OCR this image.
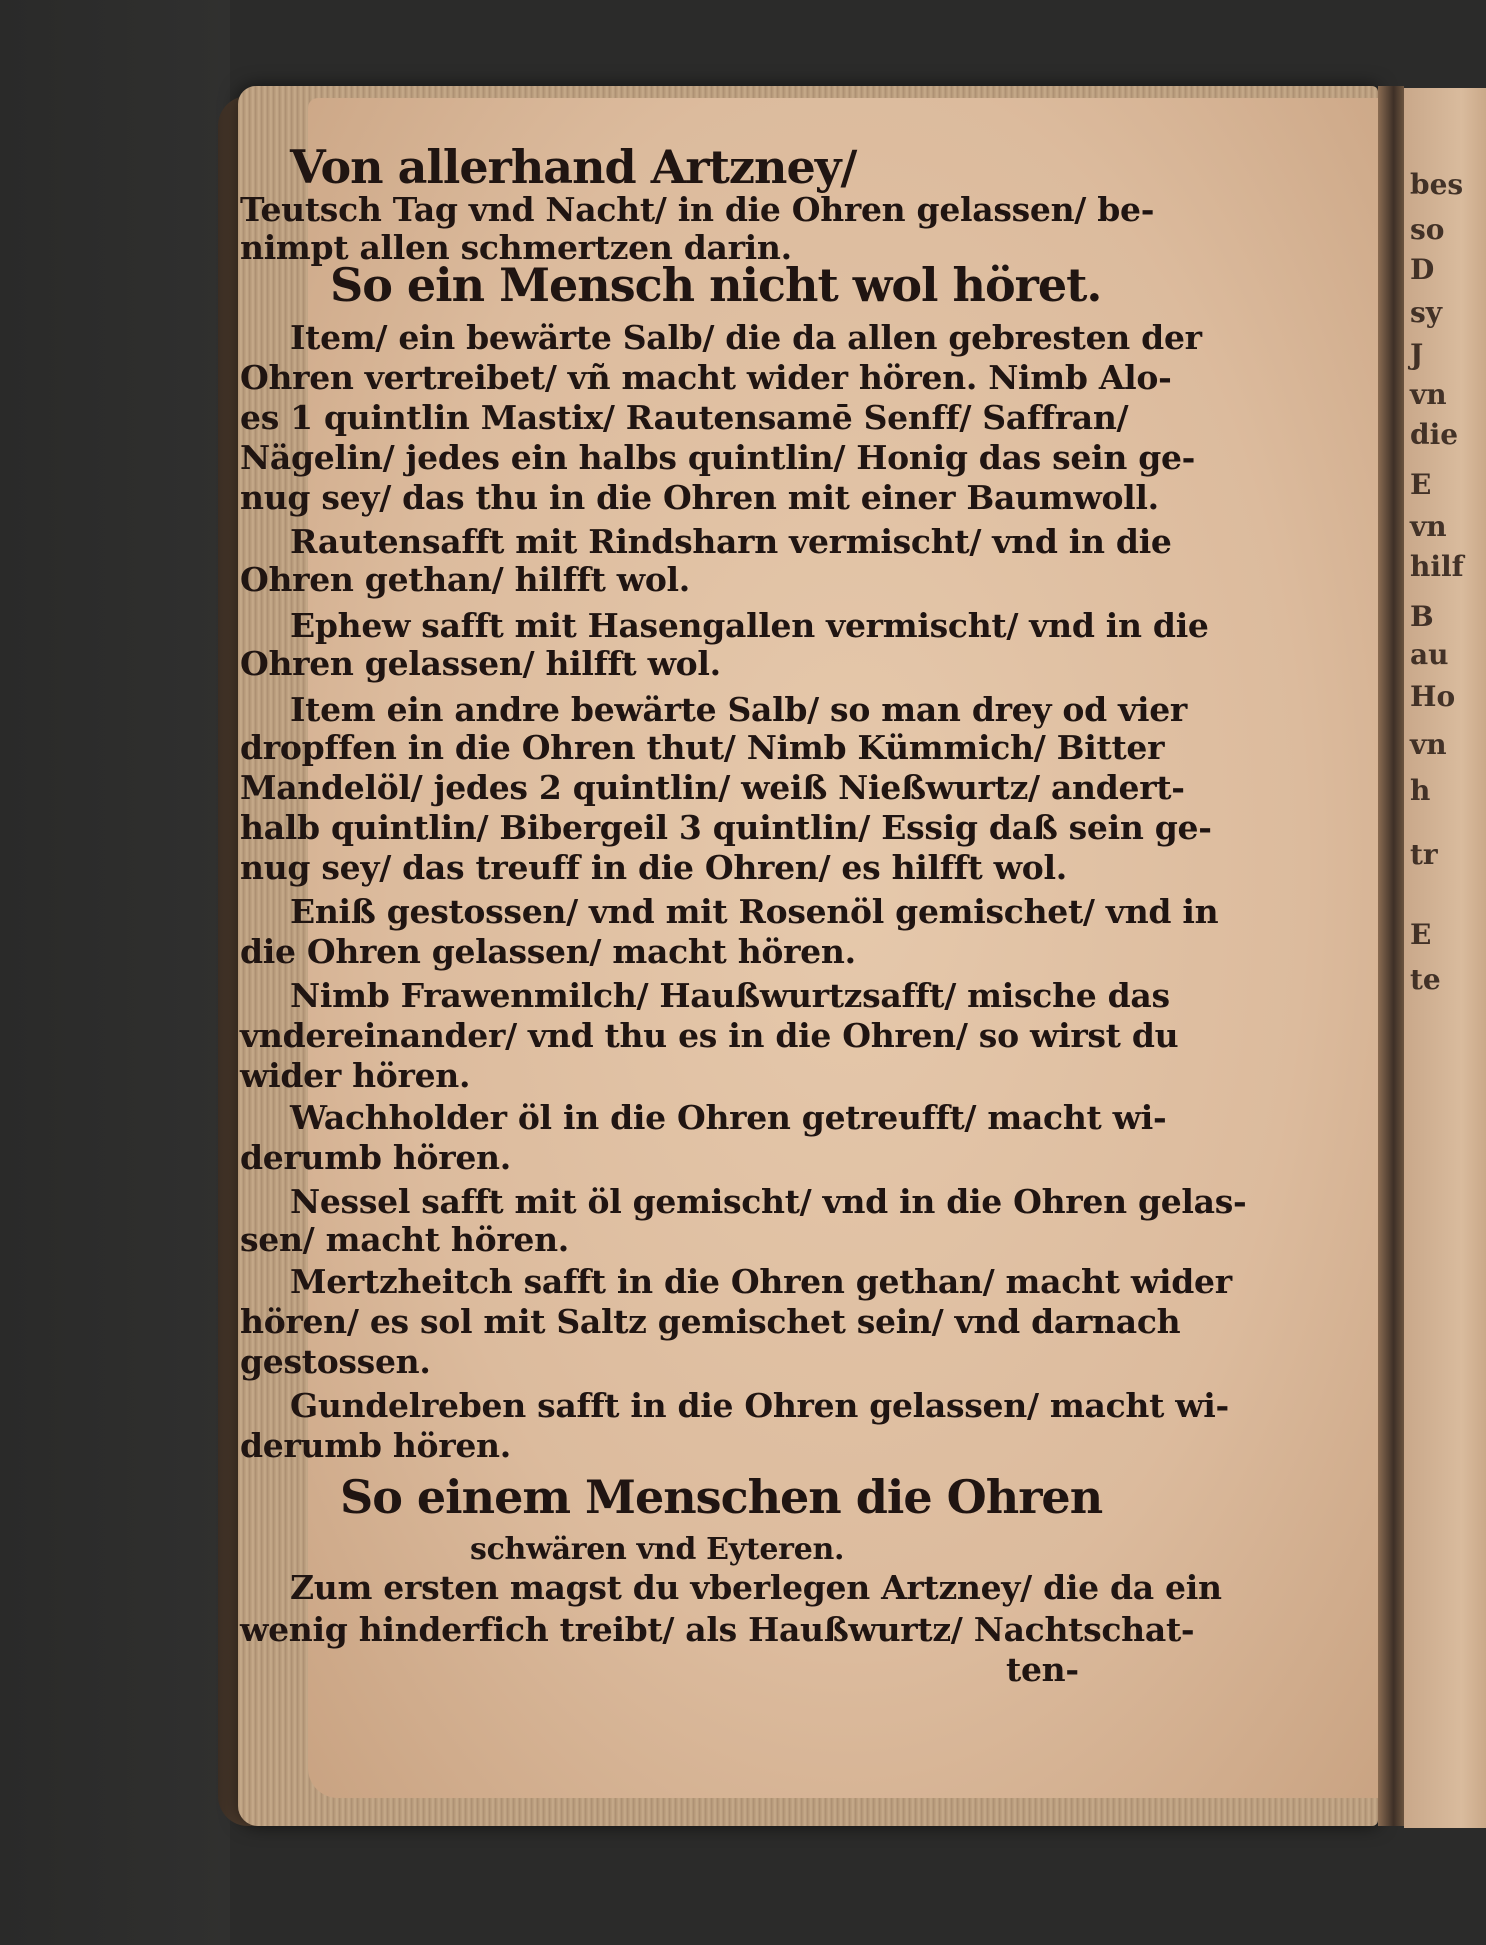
bes
so
D
sy
J
vn
die
E
vn
hilf
B
au
Ho
vn
h
tr
E
te
Von allerhand Artzney/
Teutsch Tag vnd Nacht/ in die Ohren gelassen/ be-
nimpt allen schmertzen darin.
So ein Mensch nicht wol höret.
Item/ ein bewärte Salb/ die da allen gebresten der
Ohren vertreibet/ vñ macht wider hören. Nimb Alo-
es 1 quintlin Mastix/ Rautensamē Senff/ Saffran/
Nägelin/ jedes ein halbs quintlin/ Honig das sein ge-
nug sey/ das thu in die Ohren mit einer Baumwoll.
Rautensafft mit Rindsharn vermischt/ vnd in die
Ohren gethan/ hilfft wol.
Ephew safft mit Hasengallen vermischt/ vnd in die
Ohren gelassen/ hilfft wol.
Item ein andre bewärte Salb/ so man drey od vier
dropffen in die Ohren thut/ Nimb Kümmich/ Bitter
Mandelöl/ jedes 2 quintlin/ weiß Nießwurtz/ andert-
halb quintlin/ Bibergeil 3 quintlin/ Essig daß sein ge-
nug sey/ das treuff in die Ohren/ es hilfft wol.
Eniß gestossen/ vnd mit Rosenöl gemischet/ vnd in
die Ohren gelassen/ macht hören.
Nimb Frawenmilch/ Haußwurtzsafft/ mische das
vndereinander/ vnd thu es in die Ohren/ so wirst du
wider hören.
Wachholder öl in die Ohren getreufft/ macht wi-
derumb hören.
Nessel safft mit öl gemischt/ vnd in die Ohren gelas-
sen/ macht hören.
Mertzheitch safft in die Ohren gethan/ macht wider
hören/ es sol mit Saltz gemischet sein/ vnd darnach
gestossen.
Gundelreben safft in die Ohren gelassen/ macht wi-
derumb hören.
So einem Menschen die Ohren
schwären vnd Eyteren.
Zum ersten magst du vberlegen Artzney/ die da ein
wenig hinderfich treibt/ als Haußwurtz/ Nachtschat-
ten-
